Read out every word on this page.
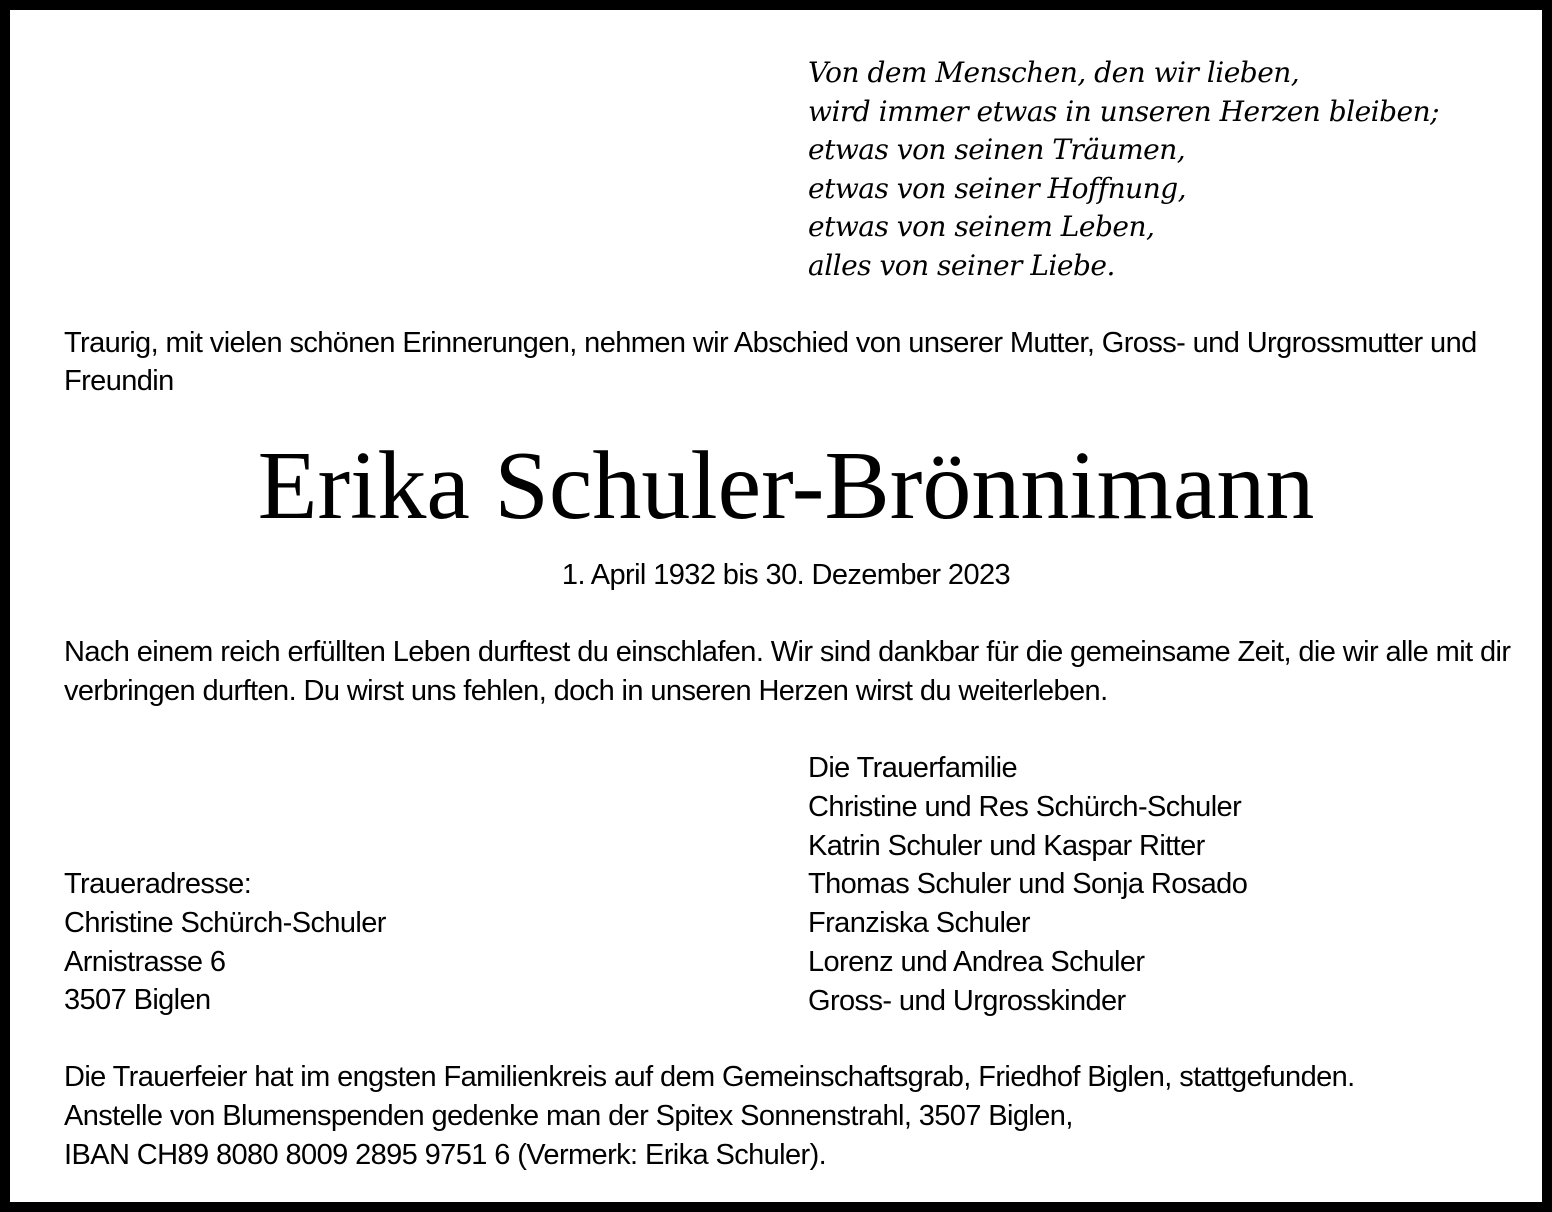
Von dem Menschen, den wir lieben,
wird immer etwas in unseren Herzen bleiben;
etwas von seinen Träumen,
etwas von seiner Hoffnung,
etwas von seinem Leben,
alles von seiner Liebe.
Traurig, mit vielen schönen Erinnerungen, nehmen wir Abschied von unserer Mutter, Gross- und Urgrossmutter und Freundin
Erika Schuler-Brönnimann
1. April 1932 bis 30. Dezember 2023
Nach einem reich erfüllten Leben durftest du einschlafen. Wir sind dankbar für die gemeinsame Zeit, die wir alle mit dir verbringen durften. Du wirst uns fehlen, doch in unseren Herzen wirst du weiterleben.
Die Trauerfamilie
Christine und Res Schürch-Schuler
Katrin Schuler und Kaspar Ritter
Thomas Schuler und Sonja Rosado
Franziska Schuler
Lorenz und Andrea Schuler
Gross- und Urgrosskinder
Traueradresse:
Christine Schürch-Schuler
Arnistrasse 6
3507 Biglen
Die Trauerfeier hat im engsten Familienkreis auf dem Gemeinschaftsgrab, Friedhof Biglen, stattgefunden.
Anstelle von Blumenspenden gedenke man der Spitex Sonnenstrahl, 3507 Biglen,
IBAN CH89 8080 8009 2895 9751 6 (Vermerk: Erika Schuler).
